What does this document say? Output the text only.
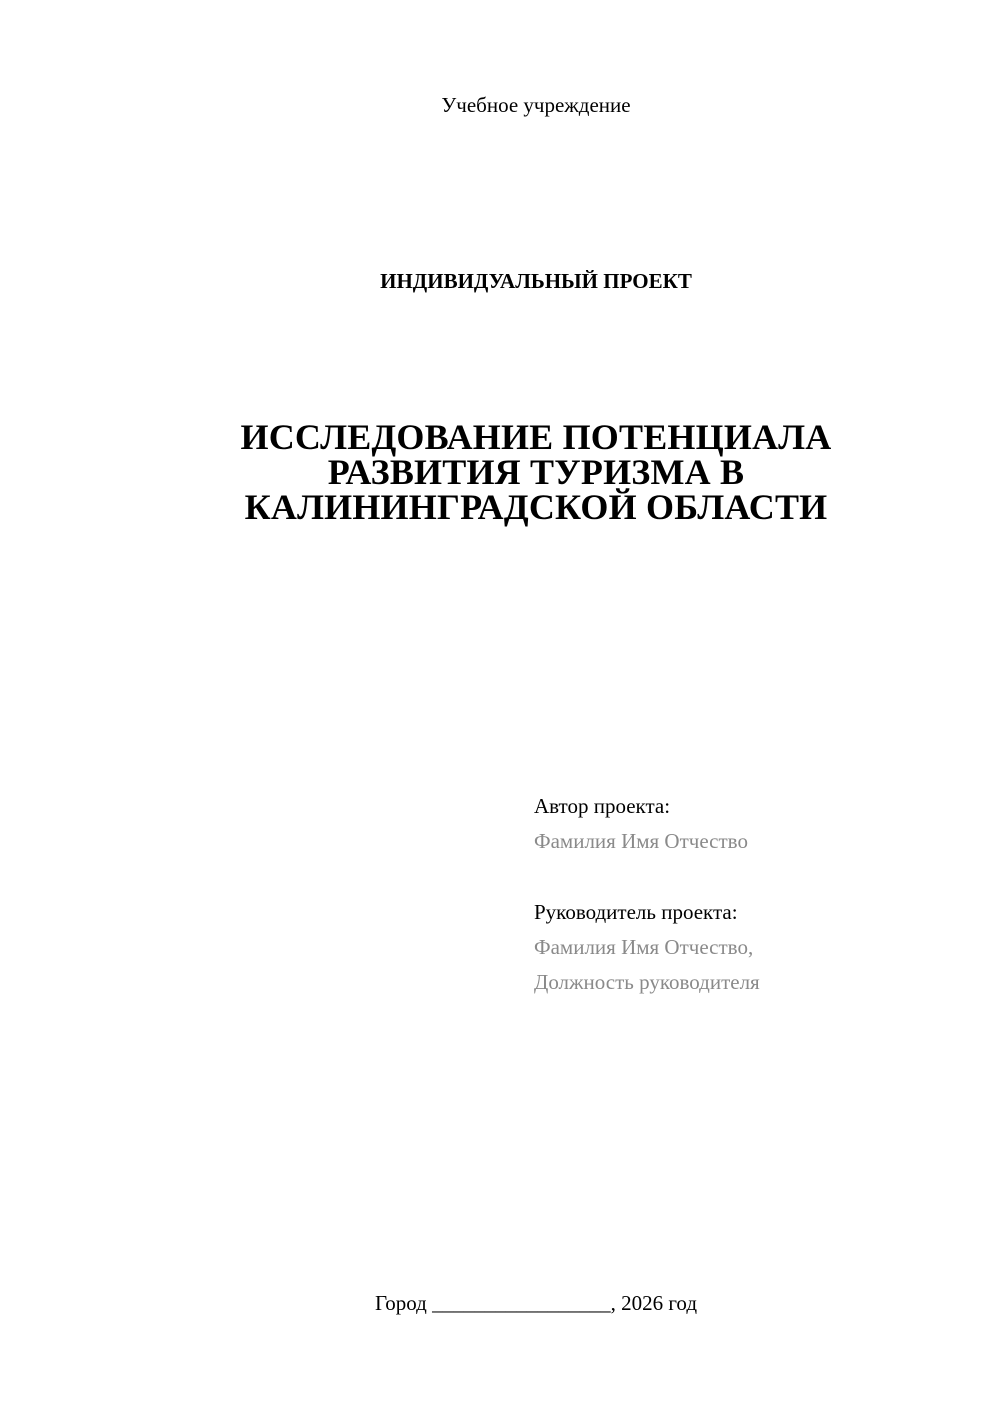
Учебное учреждение
ИНДИВИДУАЛЬНЫЙ ПРОЕКТ
ИССЛЕДОВАНИЕ ПОТЕНЦИАЛА
РАЗВИТИЯ ТУРИЗМА В
КАЛИНИНГРАДСКОЙ ОБЛАСТИ
Автор проекта:
Фамилия Имя Отчество
Руководитель проекта:
Фамилия Имя Отчество,
Должность руководителя
Город _________________, 2026 год
